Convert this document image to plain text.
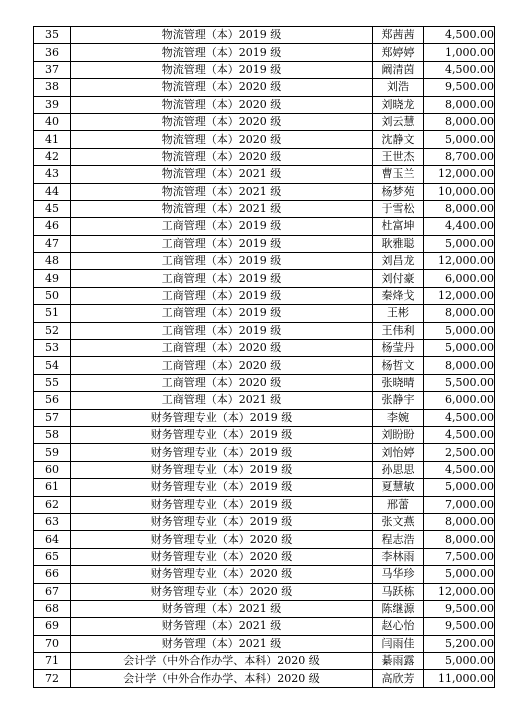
35	物流管理（本）2019 级	郑茜茜	4,500.00
36	物流管理（本）2019 级	郑婷婷	1,000.00
37	物流管理（本）2019 级	阚清茵	4,500.00
38	物流管理（本）2020 级	刘浩	9,500.00
39	物流管理（本）2020 级	刘晓龙	8,000.00
40	物流管理（本）2020 级	刘云慧	8,000.00
41	物流管理（本）2020 级	沈静文	5,000.00
42	物流管理（本）2020 级	王世杰	8,700.00
43	物流管理（本）2021 级	曹玉兰	12,000.00
44	物流管理（本）2021 级	杨梦苑	10,000.00
45	物流管理（本）2021 级	于雪松	8,000.00
46	工商管理（本）2019 级	杜富坤	4,400.00
47	工商管理（本）2019 级	耿雅聪	5,000.00
48	工商管理（本）2019 级	刘昌龙	12,000.00
49	工商管理（本）2019 级	刘付豪	6,000.00
50	工商管理（本）2019 级	秦烽戈	12,000.00
51	工商管理（本）2019 级	王彬	8,000.00
52	工商管理（本）2019 级	王伟利	5,000.00
53	工商管理（本）2020 级	杨莹丹	5,000.00
54	工商管理（本）2020 级	杨哲文	8,000.00
55	工商管理（本）2020 级	张晓晴	5,500.00
56	工商管理（本）2021 级	张静宇	6,000.00
57	财务管理专业（本）2019 级	李婉	4,500.00
58	财务管理专业（本）2019 级	刘盼盼	4,500.00
59	财务管理专业（本）2019 级	刘怡婷	2,500.00
60	财务管理专业（本）2019 级	孙思思	4,500.00
61	财务管理专业（本）2019 级	夏慧敏	5,000.00
62	财务管理专业（本）2019 级	邢蕾	7,000.00
63	财务管理专业（本）2019 级	张文燕	8,000.00
64	财务管理专业（本）2020 级	程志浩	8,000.00
65	财务管理专业（本）2020 级	李林雨	7,500.00
66	财务管理专业（本）2020 级	马华珍	5,000.00
67	财务管理专业（本）2020 级	马跃栋	12,000.00
68	财务管理（本）2021 级	陈继源	9,500.00
69	财务管理（本）2021 级	赵心怡	9,500.00
70	财务管理（本）2021 级	闫雨佳	5,200.00
71	会计学（中外合作办学、本科）2020 级	綦雨露	5,000.00
72	会计学（中外合作办学、本科）2020 级	高欣芳	11,000.00
